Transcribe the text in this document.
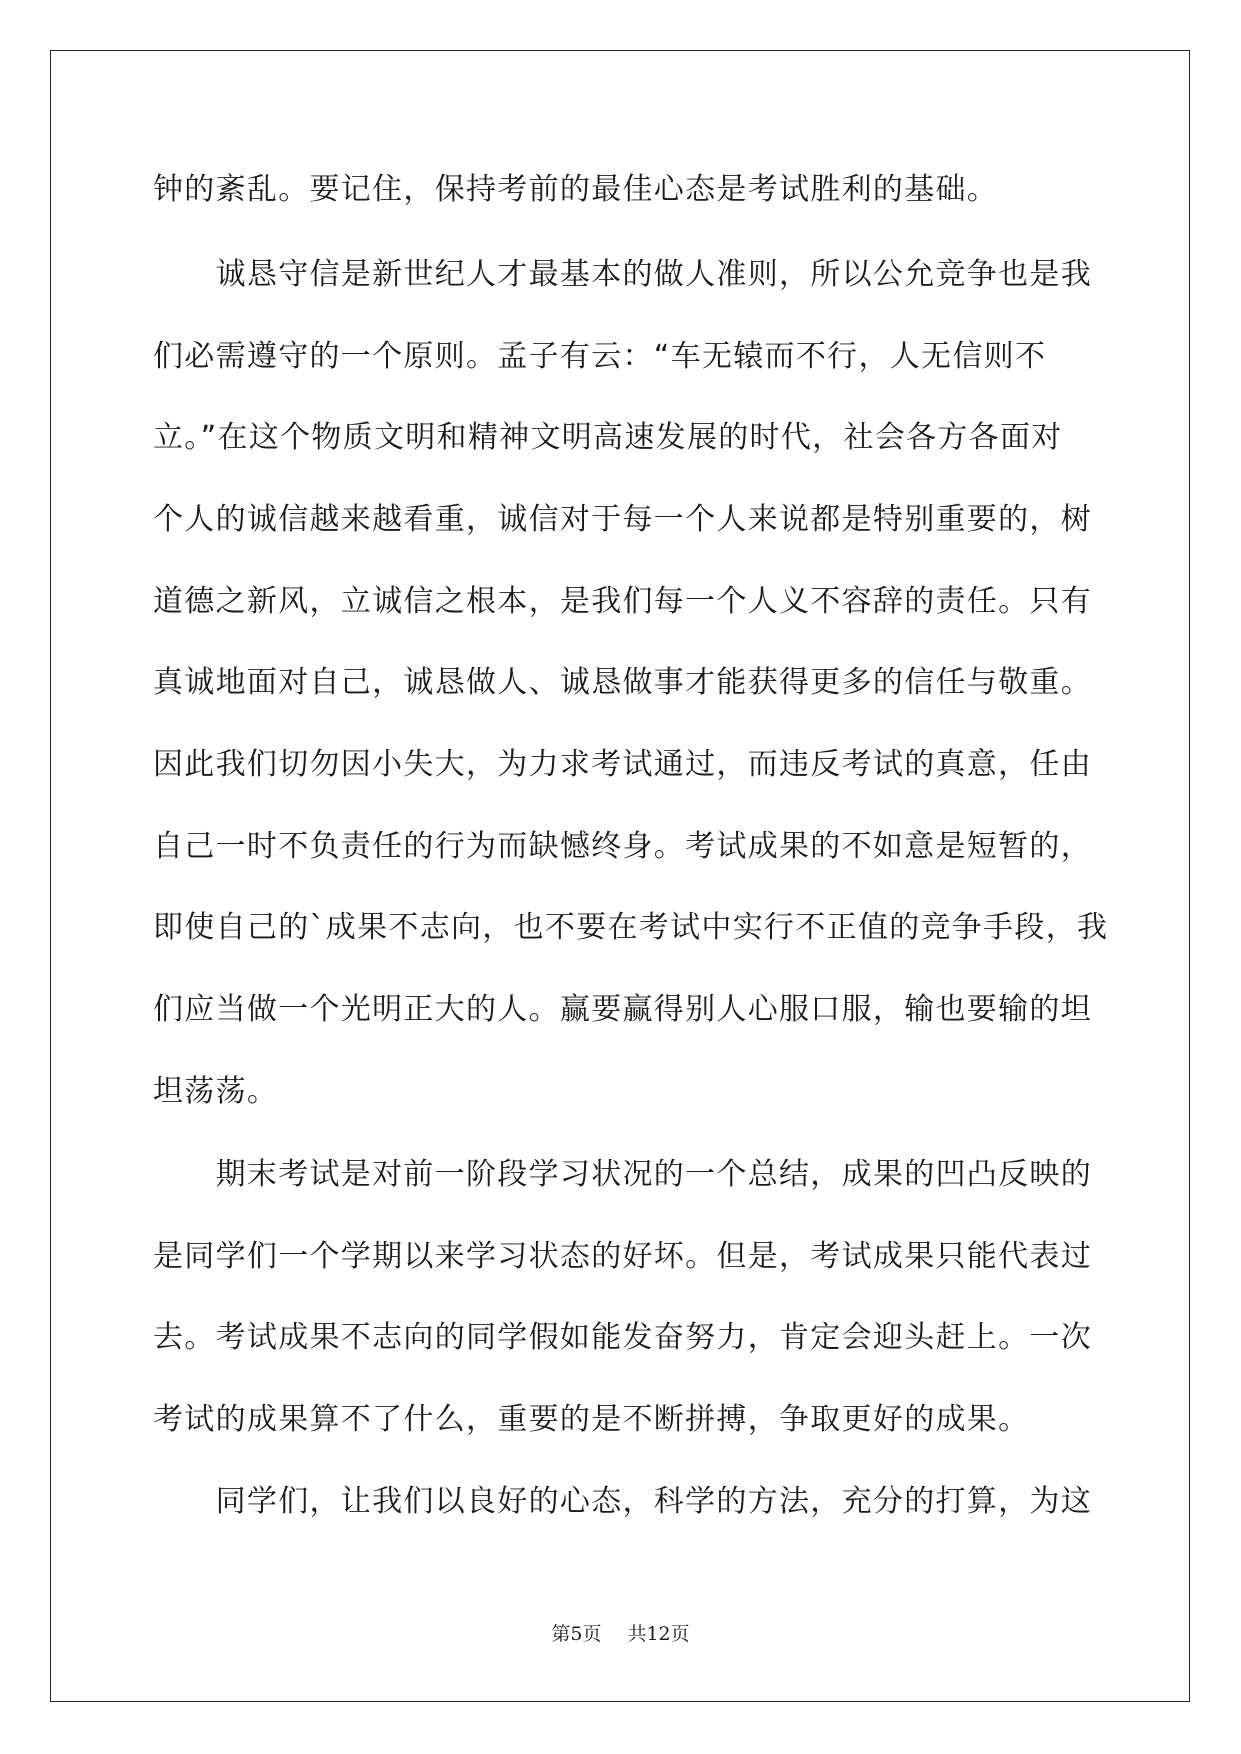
钟的紊乱。要记住，保持考前的最佳心态是考试胜利的基础。
　　诚恳守信是新世纪人才最基本的做人准则，所以公允竞争也是我
们必需遵守的一个原则。孟子有云：“车无辕而不行，人无信则不
立。”在这个物质文明和精神文明高速发展的时代，社会各方各面对
个人的诚信越来越看重，诚信对于每一个人来说都是特别重要的，树
道德之新风，立诚信之根本，是我们每一个人义不容辞的责任。只有
真诚地面对自己，诚恳做人、诚恳做事才能获得更多的信任与敬重。
因此我们切勿因小失大，为力求考试通过，而违反考试的真意，任由
自己一时不负责任的行为而缺憾终身。考试成果的不如意是短暂的，
即使自己的`成果不志向，也不要在考试中实行不正值的竞争手段，我
们应当做一个光明正大的人。赢要赢得别人心服口服，输也要输的坦
坦荡荡。
　　期末考试是对前一阶段学习状况的一个总结，成果的凹凸反映的
是同学们一个学期以来学习状态的好坏。但是，考试成果只能代表过
去。考试成果不志向的同学假如能发奋努力，肯定会迎头赶上。一次
考试的成果算不了什么，重要的是不断拼搏，争取更好的成果。
　　同学们，让我们以良好的心态，科学的方法，充分的打算，为这
第5页 共12页
